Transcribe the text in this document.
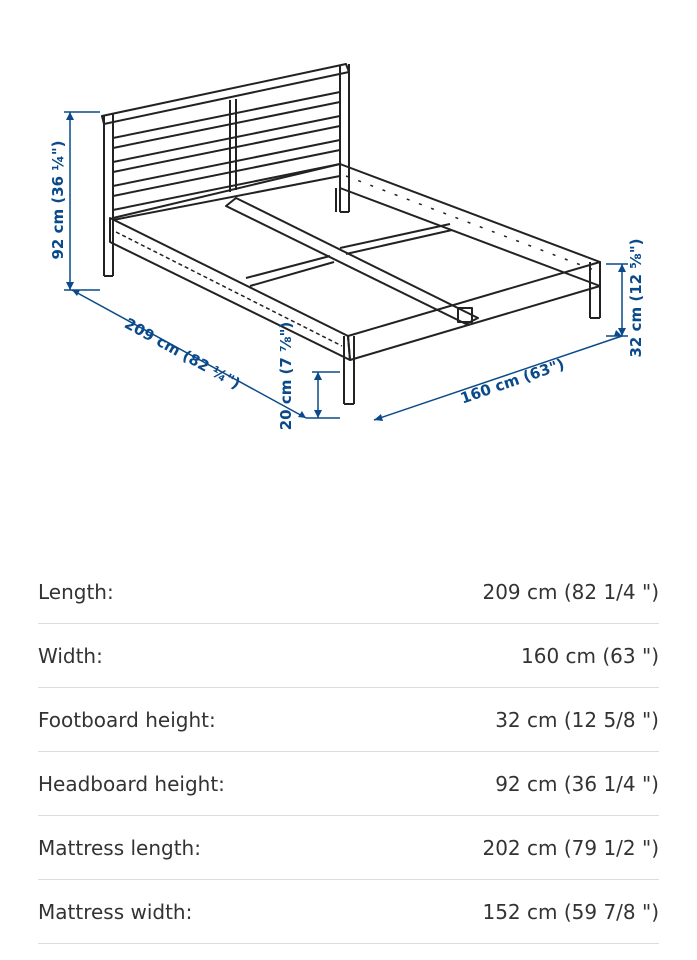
92 cm (36 ¼")
209 cm (82 ¼") 20 cm (7 ⅞")	160 cm (63")
32 cm (12 ⅝")
Length:	209 cm (82 1/4 ")
Width:	160 cm (63 ")
Footboard height:	32 cm (12 5/8 ")
Headboard height:	92 cm (36 1/4 ")
Mattress length:	202 cm (79 1/2 ")
Mattress width:	152 cm (59 7/8 ")
